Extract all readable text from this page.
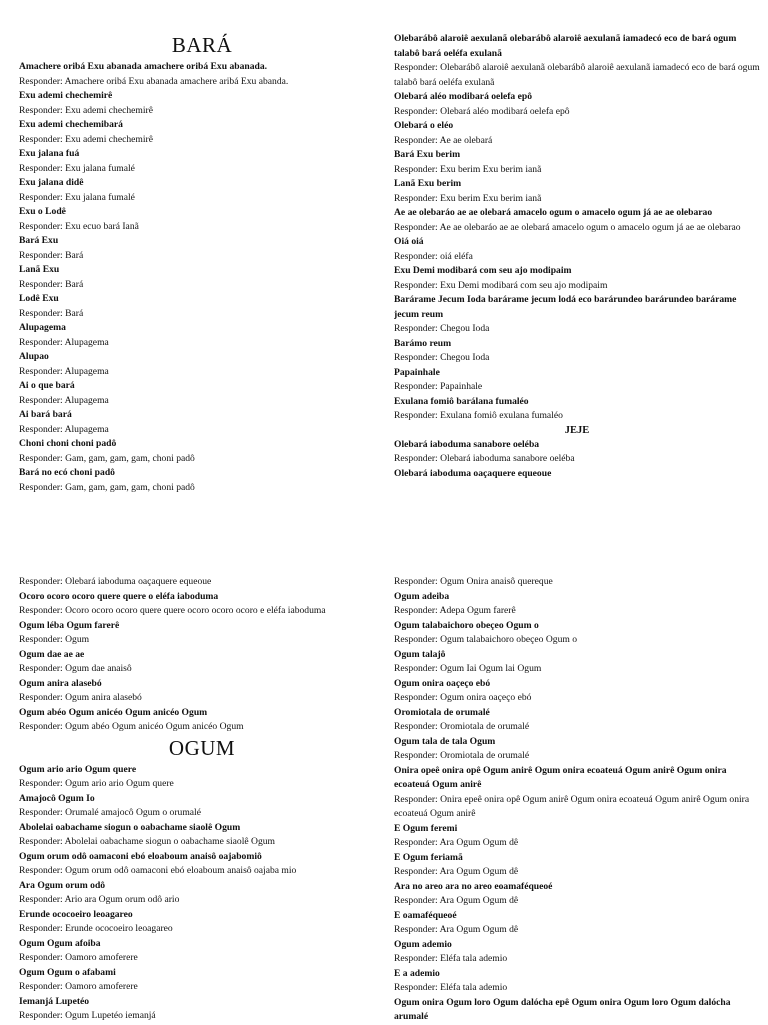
BARÁ

Amachere oribá Exu abanada amachere oribá Exu abanada.

Responder: Amachere oribá Exu abanada amachere aribá Exu abanda.

Exu ademi chechemirê

Responder: Exu ademi chechemirê

Exu ademi chechemibará

Responder: Exu ademi chechemirê

Exu jalana fuá

Responder: Exu jalana fumalé

Exu jalana didê

Responder: Exu jalana fumalé

Exu o Lodê

Responder: Exu ecuo bará Ianã

Bará Exu

Responder: Bará

Lanã Exu

Responder: Bará

Lodê Exu

Responder: Bará

Alupagema

Responder: Alupagema

Alupao

Responder: Alupagema

Ai o que bará

Responder: Alupagema

Ai bará bará

Responder: Alupagema

Choni choni choni padô

Responder: Gam, gam, gam, gam, choni padô

Bará no ecó choni padô

Responder: Gam, gam, gam, gam, choni padô

Olebarábô alaroiê aexulanã olebarábô alaroiê aexulanã iamadecó eco de bará ogum talabô bará oeléfa exulanã

Responder: Olebarábô alaroiê aexulanã olebarábô alaroiê aexulanã iamadecó eco de bará ogum talabô bará oeléfa exulanã

Olebará aléo modibará oelefa epô

Responder: Olebará aléo modibará oelefa epô

Olebará o eléo

Responder: Ae ae olebará

Bará Exu berim

Responder: Exu berim Exu berim ianã

Lanã Exu berim

Responder: Exu berim Exu berim ianã

Ae ae olebaráo ae ae olebará amacelo ogum o amacelo ogum já ae ae olebarao

Responder: Ae ae olebaráo ae ae olebará amacelo ogum o amacelo ogum já ae ae olebarao

Oiá oiá

Responder: oiá eléfa

Exu Demi modibará com seu ajo modipaim

Responder: Exu Demi modibará com seu ajo modipaim

Barárame Jecum Ioda barárame jecum lodá eco barárundeo barárundeo barárame jecum reum

Responder: Chegou Ioda

Barámo reum

Responder: Chegou Ioda

Papainhale

Responder: Papainhale

Exulana fomiô barálana fumaléo

Responder: Exulana fomiô exulana fumaléo

JEJE

Olebará iaboduma sanabore oeléba

Responder: Olebará iaboduma sanabore oeléba

Olebará iaboduma oaçaquere equeoue

Responder: Olebará iaboduma oaçaquere equeoue

Ocoro ocoro ocoro quere quere o eléfa iaboduma

Responder: Ocoro ocoro ocoro quere quere ocoro ocoro ocoro e eléfa iaboduma

Ogum léba Ogum farerê

Responder: Ogum

Ogum dae ae ae

Responder: Ogum dae anaisô

Ogum anira alasebó

Responder: Ogum anira alasebó

Ogum abéo Ogum anicéo Ogum anicéo Ogum

Responder: Ogum abéo Ogum anicéo Ogum anicéo Ogum

OGUM

Ogum ario ario Ogum quere

Responder: Ogum ario ario Ogum quere

Amajocô Ogum Io

Responder: Orumalé amajocô Ogum o orumalé

Abolelai oabachame siogun o oabachame siaolê Ogum

Responder: Abolelai oabachame siogun o oabachame siaolê Ogum

Ogum orum odô oamaconi ebó eloaboum anaisô oajabomiô

Responder: Ogum orum odô oamaconi ebó eloaboum anaisô oajaba mio

Ara Ogum orum odô

Responder: Ario ara Ogum orum odô ario

Erunde ococoeiro leoagareo

Responder: Erunde ococoeiro leoagareo

Ogum Ogum afoiba

Responder: Oamoro amoferere

Ogum Ogum o afabami

Responder: Oamoro amoferere

Iemanjá Lupetéo

Responder: Ogum Lupetéo iemanjá

Responder: Ogum Onira anaisô quereque

Ogum adeiba

Responder: Adepa Ogum farerê

Ogum talabaichoro obeçeo Ogum o

Responder: Ogum talabaichoro obeçeo Ogum o

Ogum talajô

Responder: Ogum Iai Ogum lai Ogum

Ogum onira oaçeço ebó

Responder: Ogum onira oaçeço ebó

Oromiotala de orumalé

Responder: Oromiotala de orumalé

Ogum tala de tala Ogum

Responder: Oromiotala de orumalé

Onira opeê onira opê Ogum anirê Ogum onira ecoateuá Ogum anirê Ogum onira ecoateuá Ogum anirê

Responder: Onira epeê onira opê Ogum anirê Ogum onira ecoateuá Ogum anirê Ogum onira ecoateuá Ogum anirê

E Ogum feremi

Responder: Ara Ogum Ogum dê

E Ogum feriamã

Responder: Ara Ogum Ogum dê

Ara no areo ara no areo eoamaféqueoé

Responder: Ara Ogum Ogum dê

E oamaféqueoé

Responder: Ara Ogum Ogum dê

Ogum ademio

Responder: Eléfa tala ademio

E a ademio

Responder: Eléfa tala ademio

Ogum onira Ogum loro Ogum dalócha epê Ogum onira Ogum loro Ogum dalócha arumalé
